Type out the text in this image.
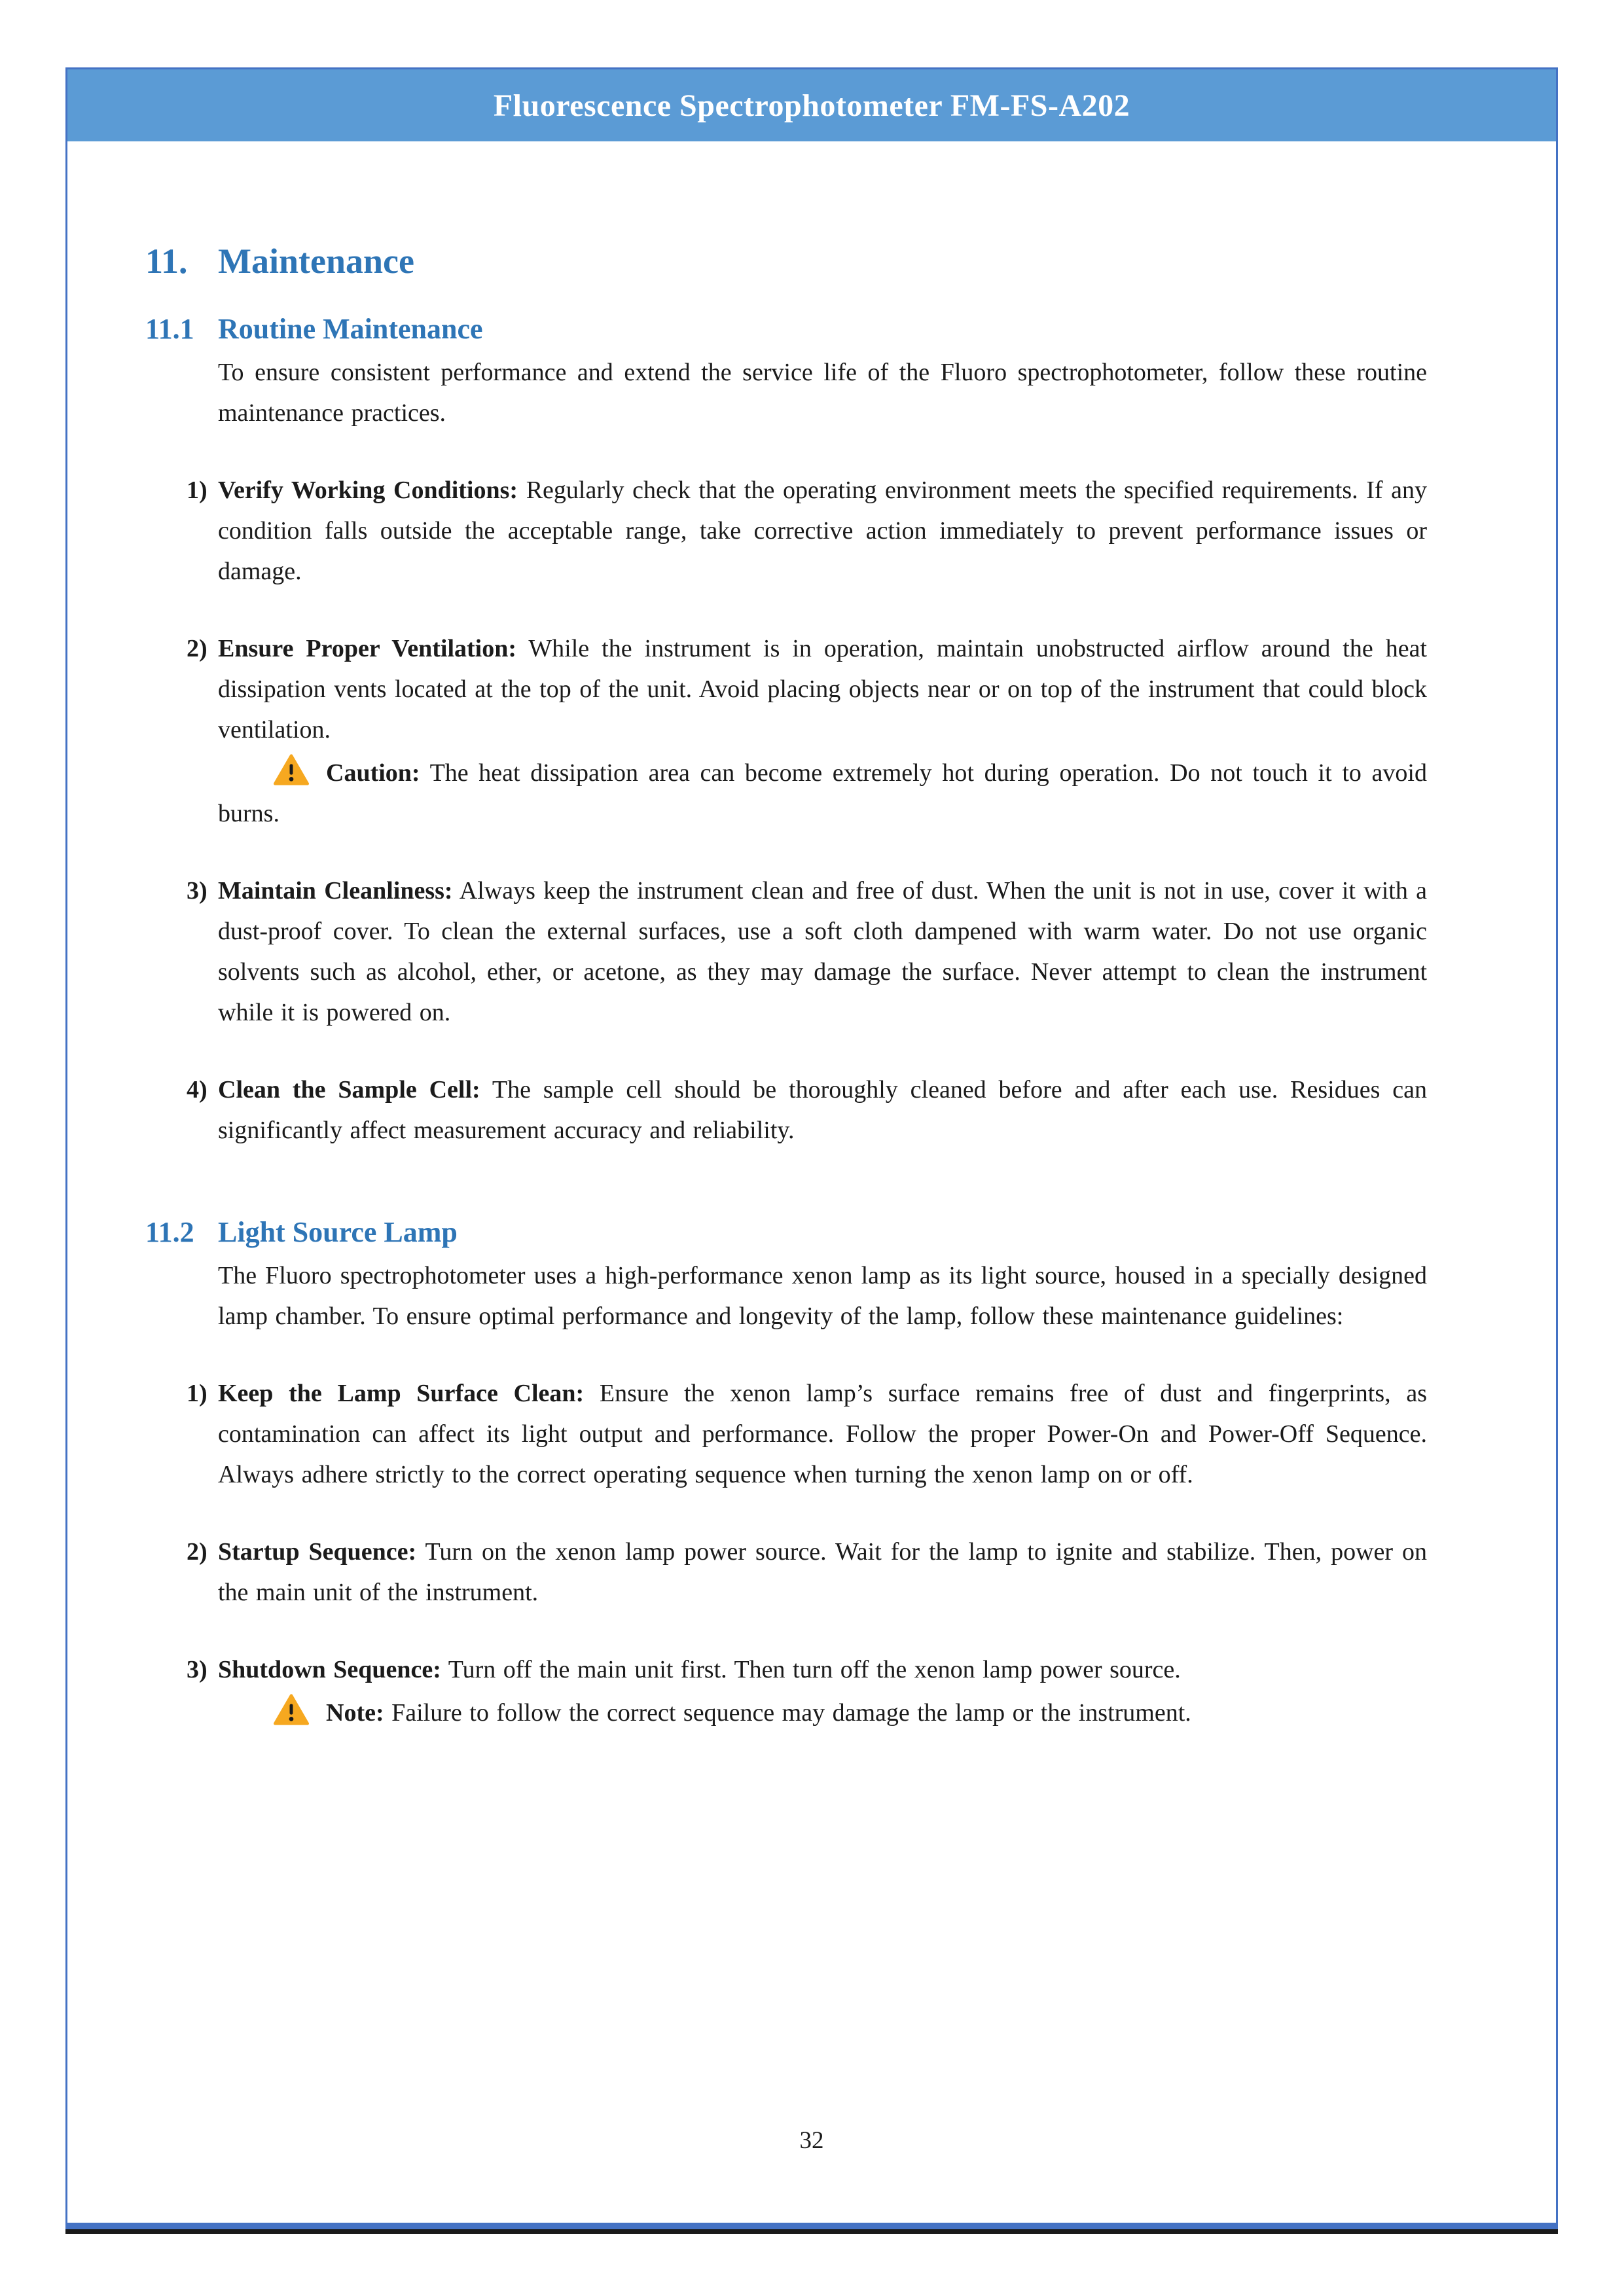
Fluorescence Spectrophotometer FM-FS-A202
11. Maintenance
11.1 Routine Maintenance

To ensure consistent performance and extend the service life of the Fluoro spectrophotometer, follow these routine maintenance practices.

1) Verify Working Conditions: Regularly check that the operating environment meets the specified requirements. If any condition falls outside the acceptable range, take corrective action immediately to prevent performance issues or damage.

2) Ensure Proper Ventilation: While the instrument is in operation, maintain unobstructed airflow around the heat dissipation vents located at the top of the unit. Avoid placing objects near or on top of the instrument that could block ventilation.

Caution: The heat dissipation area can become extremely hot during operation. Do not touch it to avoid burns.

3) Maintain Cleanliness: Always keep the instrument clean and free of dust. When the unit is not in use, cover it with a dust-proof cover. To clean the external surfaces, use a soft cloth dampened with warm water. Do not use organic solvents such as alcohol, ether, or acetone, as they may damage the surface. Never attempt to clean the instrument while it is powered on.

4) Clean the Sample Cell: The sample cell should be thoroughly cleaned before and after each use. Residues can significantly affect measurement accuracy and reliability.

11.2 Light Source Lamp

The Fluoro spectrophotometer uses a high-performance xenon lamp as its light source, housed in a specially designed lamp chamber. To ensure optimal performance and longevity of the lamp, follow these maintenance guidelines:

1) Keep the Lamp Surface Clean: Ensure the xenon lamp’s surface remains free of dust and fingerprints, as contamination can affect its light output and performance. Follow the proper Power-On and Power-Off Sequence. Always adhere strictly to the correct operating sequence when turning the xenon lamp on or off.

2) Startup Sequence: Turn on the xenon lamp power source. Wait for the lamp to ignite and stabilize. Then, power on the main unit of the instrument.

3) Shutdown Sequence: Turn off the main unit first. Then turn off the xenon lamp power source.

Note: Failure to follow the correct sequence may damage the lamp or the instrument.

32
